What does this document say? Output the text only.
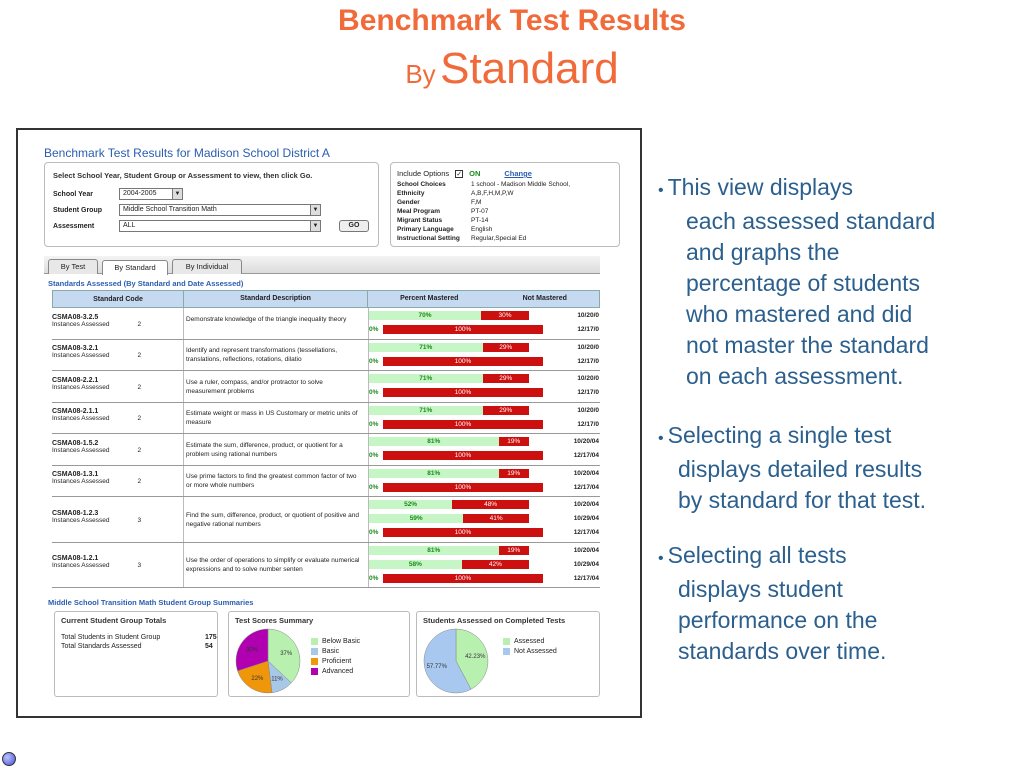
Benchmark Test Results
By Standard
Benchmark Test Results for Madison School District A
Select School Year, Student Group or Assessment to view, then click Go.
School Year	2004-2005	▼
Student Group	Middle School Transition Math	▼
Assessment	ALL	▼	GO
Include Options ✓ ON	Change
School Choices	1 school - Madison Middle School,
Ethnicity	A,B,F,H,M,P,W
Gender	F,M
Meal Program	PT-07
Migrant Status	PT-14
Primary Language	English
Instructional Setting	Regular,Special Ed
By Test	By Standard	By Individual
Standards Assessed (By Standard and Date Assessed)
Standard Code	Standard Description	Percent Mastered	Not Mastered
CSMA08-3.2.5
Instances Assessed	2
Demonstrate knowledge of the triangle inequality theory
70%	30%	10/20/0
0%	100%	12/17/0
CSMA08-3.2.1
Instances Assessed	2
Identify and represent transformations (tessellations, translations, reflections, rotations, dilatio
71%	29%	10/20/0
0%	100%	12/17/0
CSMA08-2.2.1
Instances Assessed	2
Use a ruler, compass, and/or protractor to solve measurement problems
71%	29%	10/20/0
0%	100%	12/17/0
CSMA08-2.1.1
Instances Assessed	2
Estimate weight or mass in US Customary or metric units of measure
71%	29%	10/20/0
0%	100%	12/17/0
CSMA08-1.5.2
Instances Assessed	2
Estimate the sum, difference, product, or quotient for a problem using rational numbers
81%	19%	10/20/04
0%	100%	12/17/04
CSMA08-1.3.1
Instances Assessed	2
Use prime factors to find the greatest common factor of two or more whole numbers
81%	19%	10/20/04
0%	100%	12/17/04
CSMA08-1.2.3
Instances Assessed	3
Find the sum, difference, product, or quotient of positive and negative rational numbers
52%	48%	10/20/04
59%	41%	10/29/04
0%	100%	12/17/04
CSMA08-1.2.1
Instances Assessed	3
Use the order of operations to simplify or evaluate numerical expressions and to solve number senten
81%	19%	10/20/04
58%	42%	10/29/04
0%	100%	12/17/04
Middle School Transition Math Student Group Summaries
Current Student Group Totals
Total Students in Student Group	175
Total Standards Assessed	54
Test Scores Summary
37%
11%
22%
30%
Below Basic
Basic
Proficient
Advanced
Students Assessed on Completed Tests
42.23%
57.77%
Assessed
Not Assessed
• This view displays
each assessed standard
and graphs the
percentage of students
who mastered and did
not master the standard
on each assessment.
• Selecting a single test
displays detailed results
by standard for that test.
• Selecting all tests
displays student
performance on the
standards over time.
